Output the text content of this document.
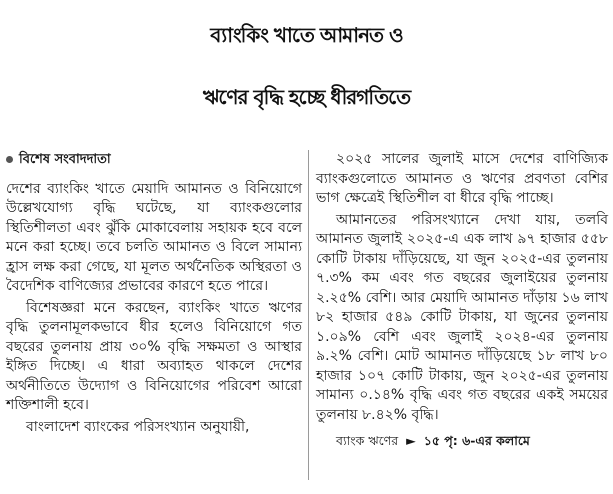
ব্যাংকিং খাতে আমানত ও
ঋণের বৃদ্ধি হচ্ছে ধীরগতিতে
বিশেষ সংবাদদাতা

দেশের ব্যাংকিং খাতে মেয়াদি আমানত ও বিনিয়োগে উল্লেখযোগ্য বৃদ্ধি ঘটেছে, যা ব্যাংকগুলোর স্থিতিশীলতা এবং ঝুঁকি মোকাবেলায় সহায়ক হবে বলে মনে করা হচ্ছে। তবে চলতি আমানত ও বিলে সামান্য হ্রাস লক্ষ করা গেছে, যা মূলত অর্থনৈতিক অস্থিরতা ও বৈদেশিক বাণিজ্যের প্রভাবের কারণে হতে পারে।

বিশেষজ্ঞরা মনে করছেন, ব্যাংকিং খাতে ঋণের বৃদ্ধি তুলনামূলকভাবে ধীর হলেও বিনিয়োগে গত বছরের তুলনায় প্রায় ৩০% বৃদ্ধি সক্ষমতা ও আস্থার ইঙ্গিত দিচ্ছে। এ ধারা অব্যাহত থাকলে দেশের অর্থনীতিতে উদ্যোগ ও বিনিয়োগের পরিবেশ আরো শক্তিশালী হবে।

বাংলাদেশ ব্যাংকের পরিসংখ্যান অনুযায়ী,

২০২৫ সালের জুলাই মাসে দেশের বাণিজ্যিক ব্যাংকগুলোতে আমানত ও ঋণের প্রবণতা বেশির ভাগ ক্ষেত্রেই স্থিতিশীল বা ধীরে বৃদ্ধি পাচ্ছে।

আমানতের পরিসংখ্যানে দেখা যায়, তলবি আমানত জুলাই ২০২৫-এ এক লাখ ৯৭ হাজার ৫৫৮ কোটি টাকায় দাঁড়িয়েছে, যা জুন ২০২৫-এর তুলনায় ৭.৩% কম এবং গত বছরের জুলাইয়ের তুলনায় ২.২৫% বেশি। আর মেয়াদি আমানত দাঁড়ায় ১৬ লাখ ৮২ হাজার ৫৪৯ কোটি টাকায়, যা জুনের তুলনায় ১.০৯% বেশি এবং জুলাই ২০২৪-এর তুলনায় ৯.২% বেশি। মোট আমানত দাঁড়িয়েছে ১৮ লাখ ৮০ হাজার ১০৭ কোটি টাকায়, জুন ২০২৫-এর তুলনায় সামান্য ০.১৪% বৃদ্ধি এবং গত বছরের একই সময়ের তুলনায় ৮.৪২% বৃদ্ধি।

ব্যাংক ঋণের ► ১৫ পৃ: ৬-এর কলামে
